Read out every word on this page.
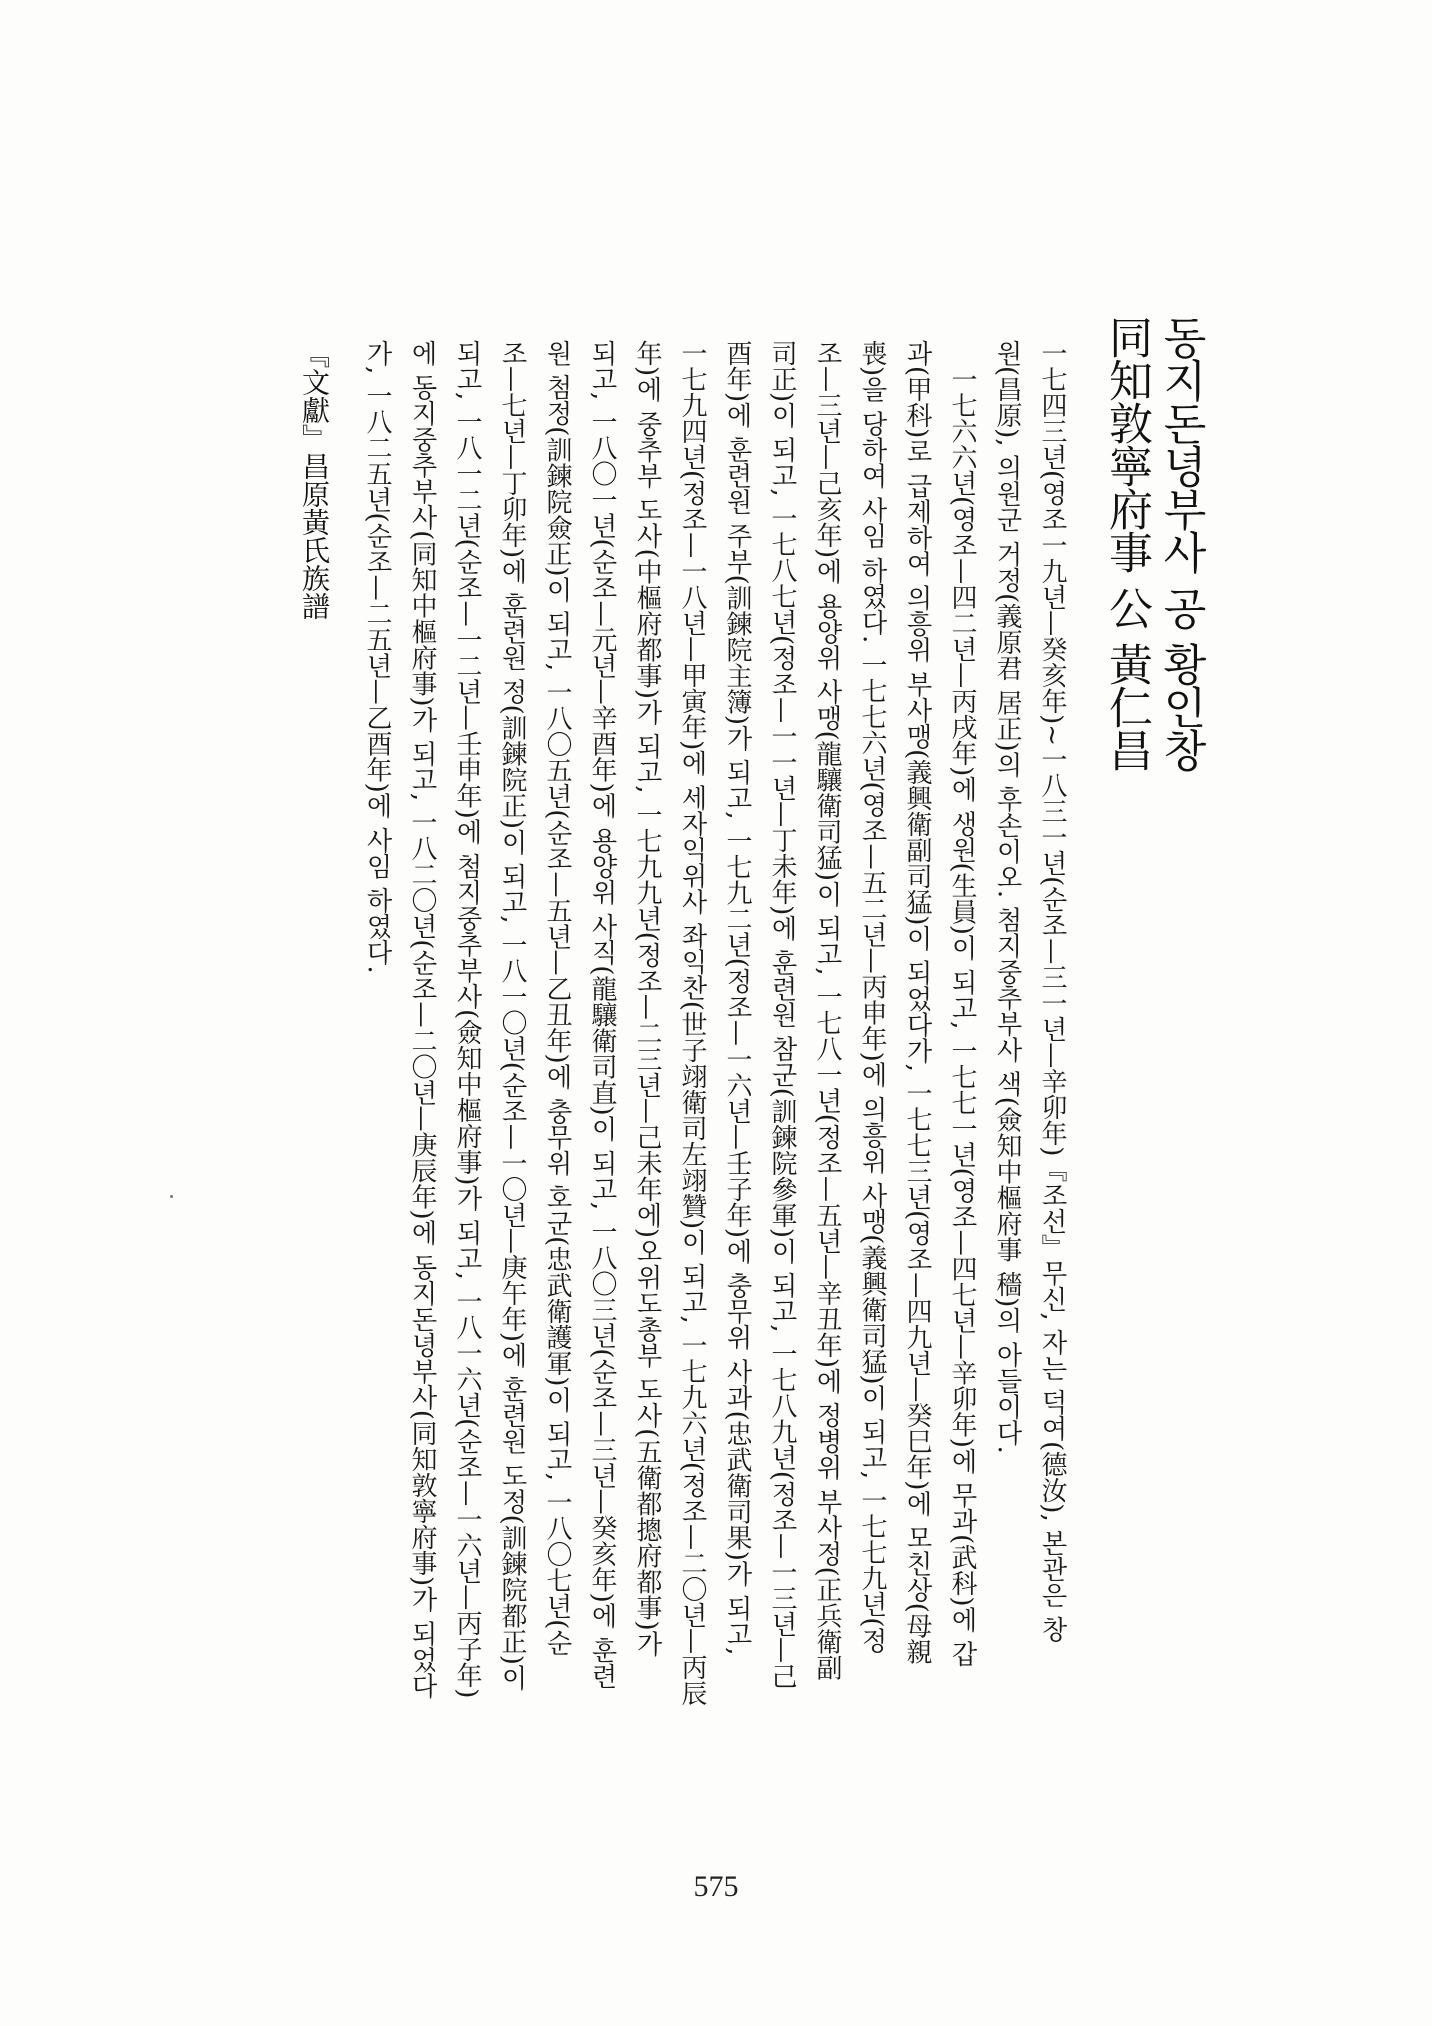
동지돈녕부사 공 황인창
同知敦寧府事 公 黃仁昌
一七四三년(영조一九년—癸亥年)~一八三一년(순조—三一년—辛卯年)『조선』무신, 자는 덕여(德汝), 본관은 창
원(昌原), 의원군 거정(義原君 居正)의 후손이오. 첨지중추부사 색(僉知中樞府事 穡)의 아들이다.
一七六六년(영조—四二년—丙戌年)에 생원(生員)이 되고, 一七七一년(영조—四七년—辛卯年)에 무과(武科)에 갑
과(甲科)로 급제하여 의흥위 부사맹(義興衛副司猛)이 되었다가, 一七七三년(영조—四九년—癸巳年)에 모친상(母親
喪)을 당하여 사임 하였다. 一七七六년(영조—五二년—丙申年)에 의흥위 사맹(義興衛司猛)이 되고, 一七七九년(정
조—三년—己亥年)에 용양위 사맹(龍驤衛司猛)이 되고, 一七八一년(정조—五년—辛丑年)에 정병위 부사정(正兵衛副
司正)이 되고, 一七八七년(정조—一一년—丁未年)에 훈련원 참군(訓鍊院參軍)이 되고, 一七八九년(정조—一三년—己
酉年)에 훈련원 주부(訓鍊院主簿)가 되고, 一七九二년(정조—一六년—壬子年)에 충무위 사과(忠武衛司果)가 되고,
一七九四년(정조—一八년—甲寅年)에 세자익위사 좌익찬(世子翊衛司左翊贊)이 되고, 一七九六년(정조—二〇년—丙辰
年)에 중추부 도사(中樞府都事)가 되고, 一七九九년(정조—二三년—己未年에)오위도총부 도사(五衛都摠府都事)가
되고, 一八〇一년(순조—元년—辛酉年)에 용양위 사직(龍驤衛司直)이 되고, 一八〇三년(순조—三년—癸亥年)에 훈련
원 첨정(訓鍊院僉正)이 되고, 一八〇五년(순조—五년—乙丑年)에 충무위 호군(忠武衛護軍)이 되고, 一八〇七년(순
조—七년—丁卯年)에 훈련원 정(訓鍊院正)이 되고, 一八一〇년(순조—一〇년—庚午年)에 훈련원 도정(訓鍊院都正)이
되고, 一八一二년(순조—一二년—壬申年)에 첨지중추부사(僉知中樞府事)가 되고, 一八一六년(순조—一六년—丙子年)
에 동지중추부사(同知中樞府事)가 되고, 一八二〇년(순조—二〇년—庚辰年)에 동지돈녕부사(同知敦寧府事)가 되었다
가, 一八二五년(순조—二五년—乙酉年)에 사임 하였다.
『文獻』昌原黃氏族譜
575
